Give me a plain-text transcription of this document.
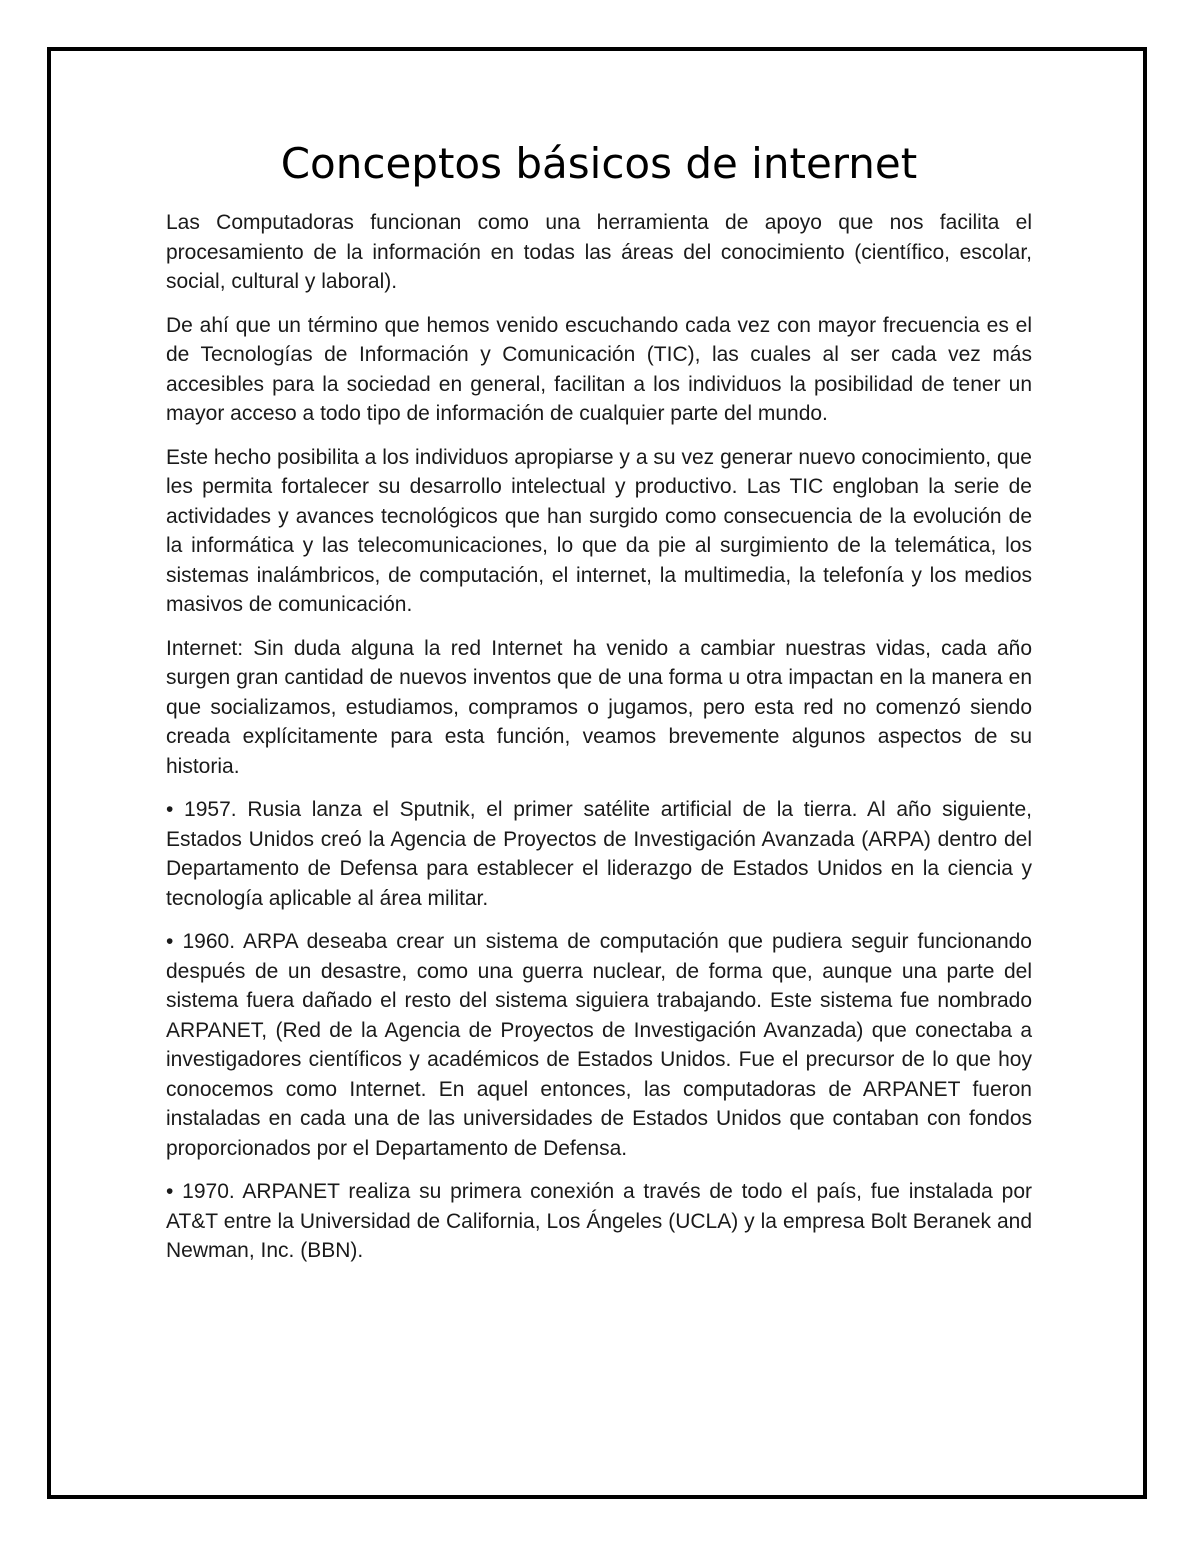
Conceptos básicos de internet

Las Computadoras funcionan como una herramienta de apoyo que nos facilita el procesamiento de la información en todas las áreas del conocimiento (científico, escolar, social, cultural y laboral).

De ahí que un término que hemos venido escuchando cada vez con mayor frecuencia es el de Tecnologías de Información y Comunicación (TIC), las cuales al ser cada vez más accesibles para la sociedad en general, facilitan a los individuos la posibilidad de tener un mayor acceso a todo tipo de información de cualquier parte del mundo.

Este hecho posibilita a los individuos apropiarse y a su vez generar nuevo conocimiento, que les permita fortalecer su desarrollo intelectual y productivo. Las TIC engloban la serie de actividades y avances tecnológicos que han surgido como consecuencia de la evolución de la informática y las telecomunicaciones, lo que da pie al surgimiento de la telemática, los sistemas inalámbricos, de computación, el internet, la multimedia, la telefonía y los medios masivos de comunicación.

Internet: Sin duda alguna la red Internet ha venido a cambiar nuestras vidas, cada año surgen gran cantidad de nuevos inventos que de una forma u otra impactan en la manera en que socializamos, estudiamos, compramos o jugamos, pero esta red no comenzó siendo creada explícitamente para esta función, veamos brevemente algunos aspectos de su historia.

• 1957. Rusia lanza el Sputnik, el primer satélite artificial de la tierra. Al año siguiente, Estados Unidos creó la Agencia de Proyectos de Investigación Avanzada (ARPA) dentro del Departamento de Defensa para establecer el liderazgo de Estados Unidos en la ciencia y tecnología aplicable al área militar.

• 1960. ARPA deseaba crear un sistema de computación que pudiera seguir funcionando después de un desastre, como una guerra nuclear, de forma que, aunque una parte del sistema fuera dañado el resto del sistema siguiera trabajando. Este sistema fue nombrado ARPANET, (Red de la Agencia de Proyectos de Investigación Avanzada) que conectaba a investigadores científicos y académicos de Estados Unidos. Fue el precursor de lo que hoy conocemos como Internet. En aquel entonces, las computadoras de ARPANET fueron instaladas en cada una de las universidades de Estados Unidos que contaban con fondos proporcionados por el Departamento de Defensa.

• 1970. ARPANET realiza su primera conexión a través de todo el país, fue instalada por AT&T entre la Universidad de California, Los Ángeles (UCLA) y la empresa Bolt Beranek and Newman, Inc. (BBN).
